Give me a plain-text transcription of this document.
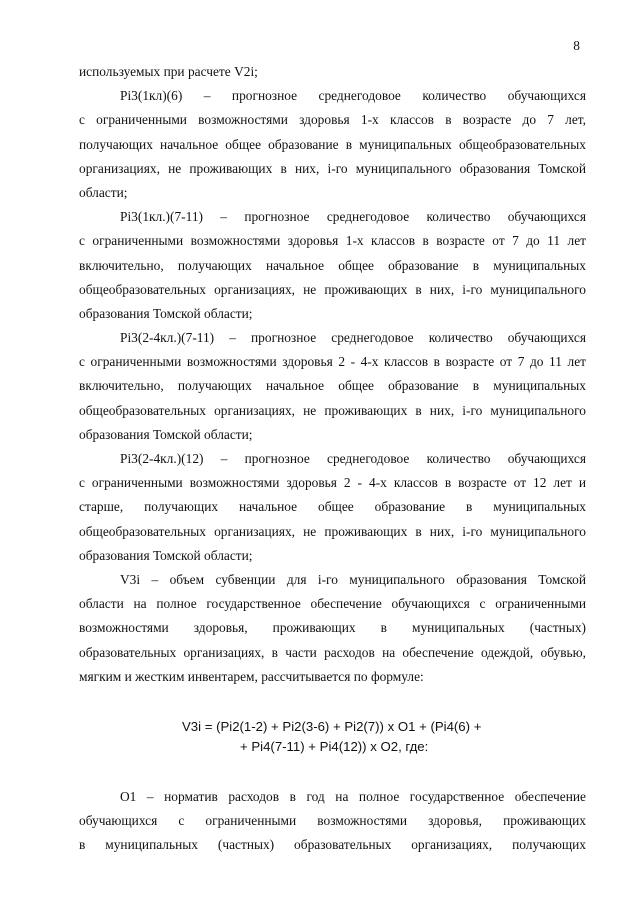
8
используемых при расчете V2i;
Pi3(1кл)(6) – прогнозное среднегодовое количество обучающихся
с ограниченными возможностями здоровья 1-х классов в возрасте до 7 лет,
получающих начальное общее образование в муниципальных общеобразовательных
организациях, не проживающих в них, i-го муниципального образования Томской
области;
Pi3(1кл.)(7-11) – прогнозное среднегодовое количество обучающихся
с ограниченными возможностями здоровья 1-х классов в возрасте от 7 до 11 лет
включительно, получающих начальное общее образование в муниципальных
общеобразовательных организациях, не проживающих в них, i-го муниципального
образования Томской области;
Pi3(2-4кл.)(7-11) – прогнозное среднегодовое количество обучающихся
с ограниченными возможностями здоровья 2 - 4-х классов в возрасте от 7 до 11 лет
включительно, получающих начальное общее образование в муниципальных
общеобразовательных организациях, не проживающих в них, i-го муниципального
образования Томской области;
Pi3(2-4кл.)(12) – прогнозное среднегодовое количество обучающихся
с ограниченными возможностями здоровья 2 - 4-х классов в возрасте от 12 лет и
старше, получающих начальное общее образование в муниципальных
общеобразовательных организациях, не проживающих в них, i-го муниципального
образования Томской области;
V3i – объем субвенции для i-го муниципального образования Томской
области на полное государственное обеспечение обучающихся с ограниченными
возможностями здоровья, проживающих в муниципальных (частных)
образовательных организациях, в части расходов на обеспечение одеждой, обувью,
мягким и жестким инвентарем, рассчитывается по формуле:
V3i = (Pi2(1-2) + Pi2(3-6) + Pi2(7)) x O1 + (Pi4(6) +
+ Pi4(7-11) + Pi4(12)) x O2, где:
O1 – норматив расходов в год на полное государственное обеспечение
обучающихся с ограниченными возможностями здоровья, проживающих
в муниципальных (частных) образовательных организациях, получающих
